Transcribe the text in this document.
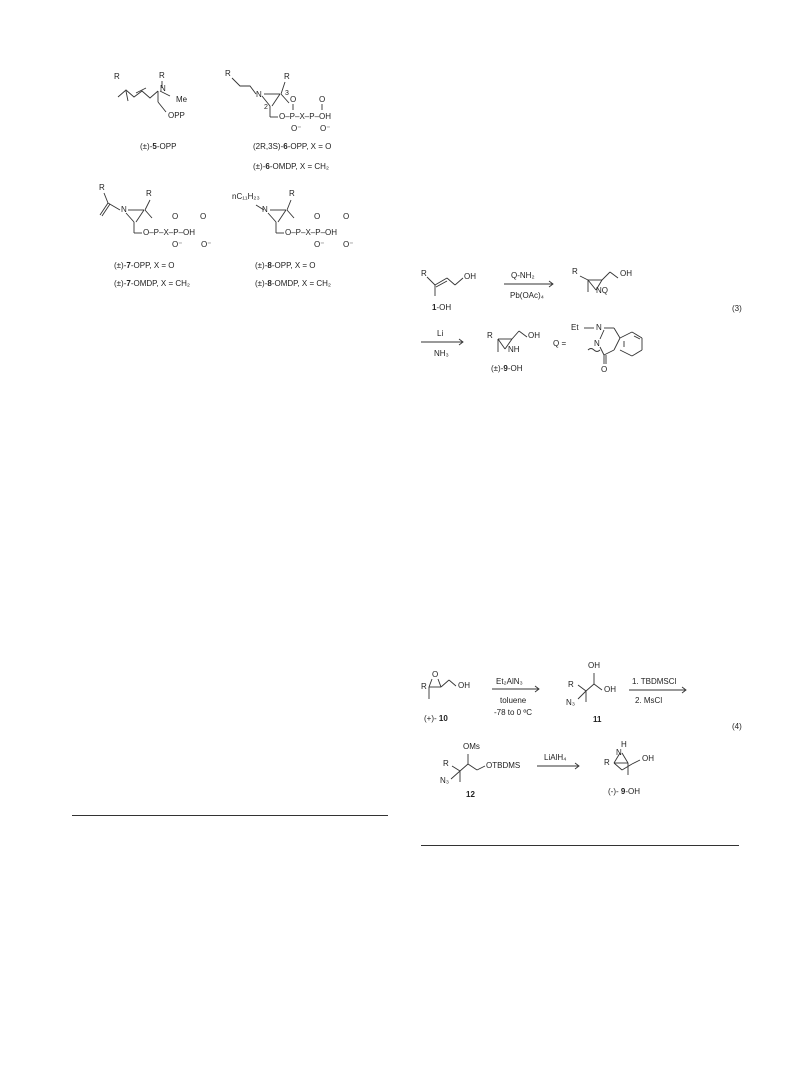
R	R
N
Me
OPP
(±)-5-OPP
R	R
N
2
3
O	O
O–P–X–P–OH
O⁻ O⁻
(2R,3S)-6-OPP, X = O
(±)-6-OMDP, X = CH₂
R
R
N
O	O
O–P–X–P–OH
O⁻ O⁻
(±)-7-OPP, X = O
(±)-7-OMDP, X = CH₂
nC₁₁H₂₃	R
N
O	O
O–P–X–P–OH
O⁻ O⁻
(±)-8-OPP, X = O
(±)-8-OMDP, X = CH₂
R	OH
1-OH
Q-NH₂
Pb(OAc)₄
R	OH
NQ
(3)
Li
NH₃
R	OH
NH
(±)-9-OH
Q =
Et N
N
O
R
O
OH
(+)- 10
Et₂AlN₃
toluene
-78 to 0 ºC
OH
R
OH
N₃
11
1. TBDMSCl
2. MsCl
(4)
OMs
R	OTBDMS
N₃
12
LiAlH₄
H
N
R	OH
(-)- 9-OH
